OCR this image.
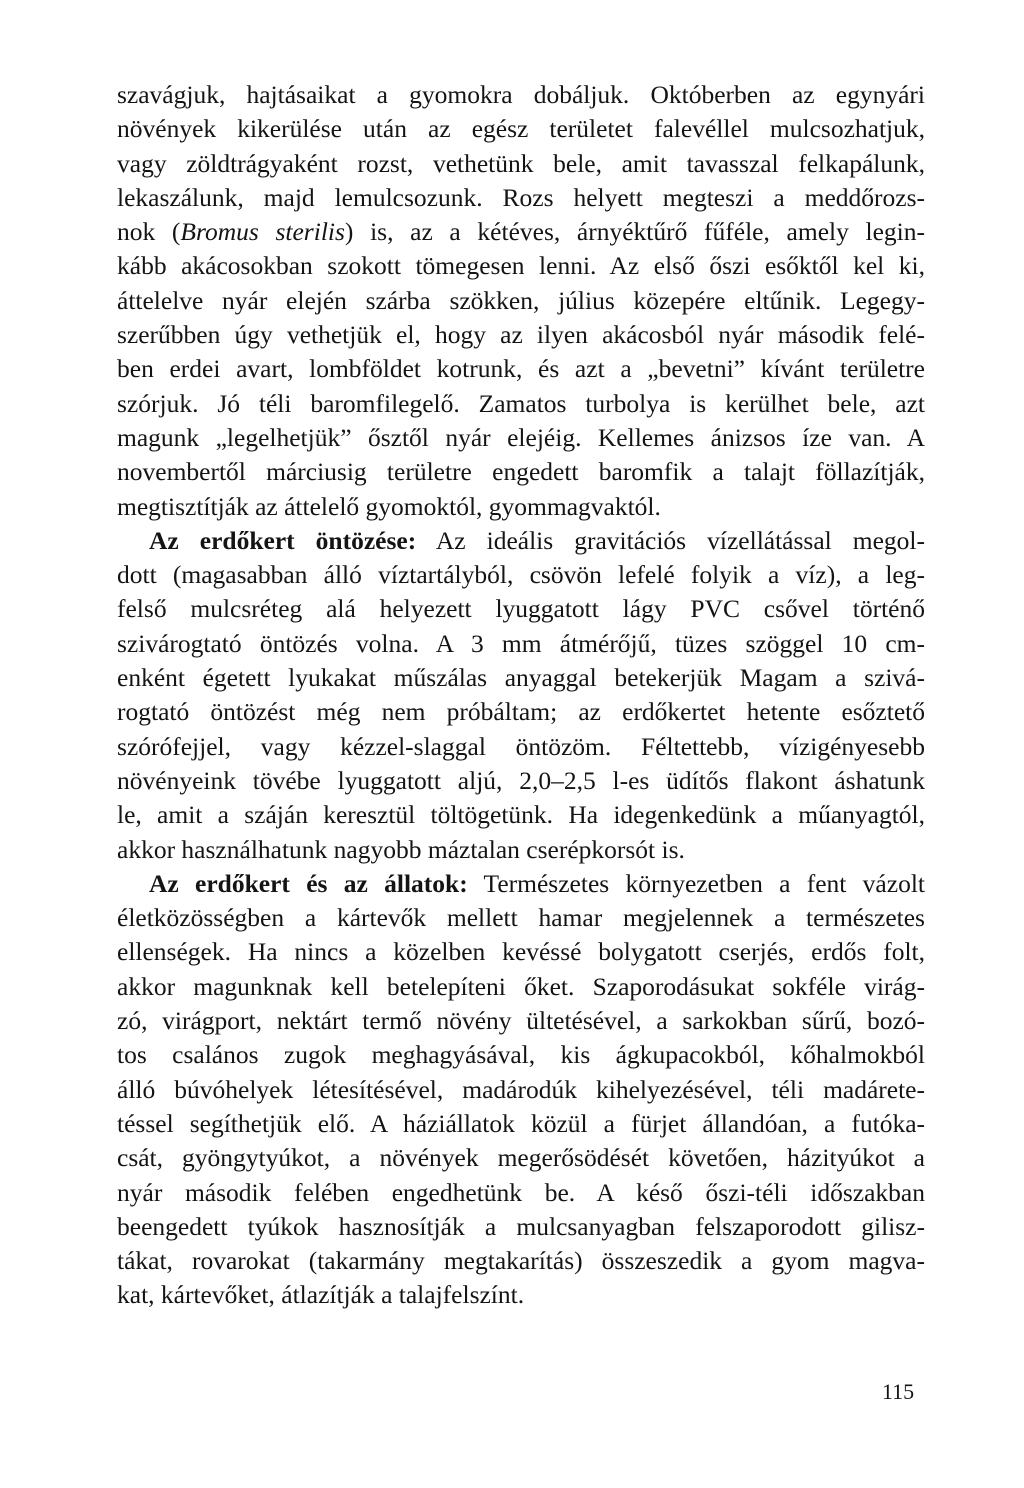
szavágjuk, hajtásaikat a gyomokra dobáljuk. Októberben az egynyári
növények kikerülése után az egész területet falevéllel mulcsozhatjuk,
vagy zöldtrágyaként rozst, vethetünk bele, amit tavasszal felkapálunk,
lekaszálunk, majd lemulcsozunk. Rozs helyett megteszi a meddőrozs-
nok (Bromus sterilis) is, az a kétéves, árnyéktűrő fűféle, amely legin-
kább akácosokban szokott tömegesen lenni. Az első őszi esőktől kel ki,
áttelelve nyár elején szárba szökken, július közepére eltűnik. Legegy-
szerűbben úgy vethetjük el, hogy az ilyen akácosból nyár második felé-
ben erdei avart, lombföldet kotrunk, és azt a „bevetni” kívánt területre
szórjuk. Jó téli baromfilegelő. Zamatos turbolya is kerülhet bele, azt
magunk „legelhetjük” ősztől nyár elejéig. Kellemes ánizsos íze van. A
novembertől márciusig területre engedett baromfik a talajt föllazítják,
megtisztítják az áttelelő gyomoktól, gyommagvaktól.
Az erdőkert öntözése: Az ideális gravitációs vízellátással megol-
dott (magasabban álló víztartályból, csövön lefelé folyik a víz), a leg-
felső mulcsréteg alá helyezett lyuggatott lágy PVC csővel történő
szivárogtató öntözés volna. A 3 mm átmérőjű, tüzes szöggel 10 cm-
enként égetett lyukakat műszálas anyaggal betekerjük Magam a szivá-
rogtató öntözést még nem próbáltam; az erdőkertet hetente esőztető
szórófejjel, vagy kézzel-slaggal öntözöm. Féltettebb, vízigényesebb
növényeink tövébe lyuggatott aljú, 2,0–2,5 l-es üdítős flakont áshatunk
le, amit a száján keresztül töltögetünk. Ha idegenkedünk a műanyagtól,
akkor használhatunk nagyobb máztalan cserépkorsót is.
Az erdőkert és az állatok: Természetes környezetben a fent vázolt
életközösségben a kártevők mellett hamar megjelennek a természetes
ellenségek. Ha nincs a közelben kevéssé bolygatott cserjés, erdős folt,
akkor magunknak kell betelepíteni őket. Szaporodásukat sokféle virág-
zó, virágport, nektárt termő növény ültetésével, a sarkokban sűrű, bozó-
tos csalános zugok meghagyásával, kis ágkupacokból, kőhalmokból
álló búvóhelyek létesítésével, madárodúk kihelyezésével, téli madárete-
téssel segíthetjük elő. A háziállatok közül a fürjet állandóan, a futóka-
csát, gyöngytyúkot, a növények megerősödését követően, házityúkot a
nyár második felében engedhetünk be. A késő őszi-téli időszakban
beengedett tyúkok hasznosítják a mulcsanyagban felszaporodott gilisz-
tákat, rovarokat (takarmány megtakarítás) összeszedik a gyom magva-
kat, kártevőket, átlazítják a talajfelszínt.
115
